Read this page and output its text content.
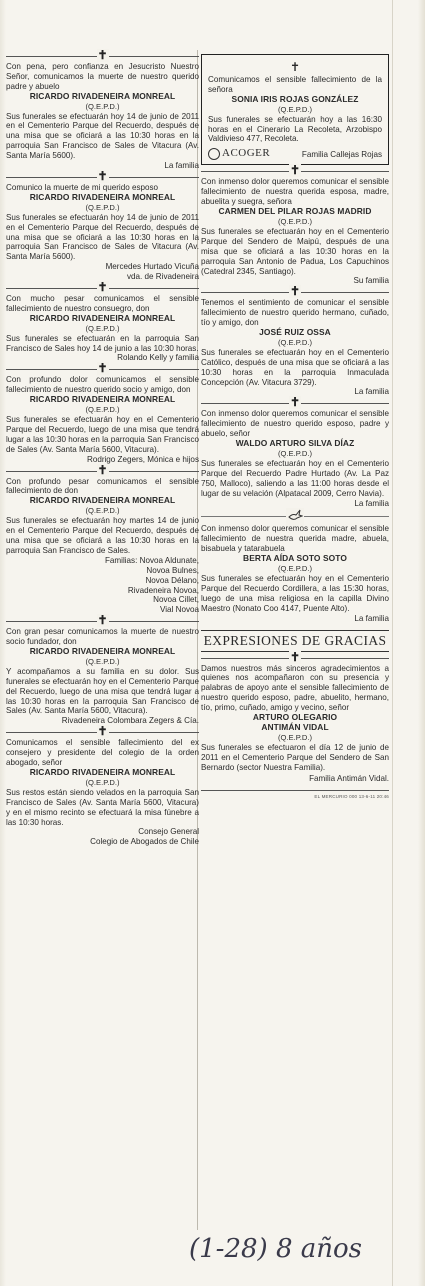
✝

Con pena, pero confianza en Jesucristo Nuestro Señor, comunicamos la muerte de nuestro querido padre y abuelo

RICARDO RIVADENEIRA MONREAL

(Q.E.P.D.)

Sus funerales se efectuarán hoy 14 de junio de 2011 en el Cementerio Parque del Recuerdo, después de una misa que se oficiará a las 10:30 horas en la parroquia San Francisco de Sales de Vitacura (Av. Santa María 5600).

La familia

✝

Comunico la muerte de mi querido esposo

RICARDO RIVADENEIRA MONREAL

(Q.E.P.D.)

Sus funerales se efectuarán hoy 14 de junio de 2011 en el Cementerio Parque del Recuerdo, después de una misa que se oficiará a las 10:30 horas en la parroquia San Francisco de Sales de Vitacura (Av. Santa María 5600).

Mercedes Hurtado Vicuña

vda. de Rivadeneira

✝

Con mucho pesar comunicamos el sensible fallecimiento de nuestro consuegro, don

RICARDO RIVADENEIRA MONREAL

(Q.E.P.D.)

Sus funerales se efectuarán en la parroquia San Francisco de Sales hoy 14 de junio a las 10:30 horas.

Rolando Kelly y familia

✝

Con profundo dolor comunicamos el sensible fallecimiento de nuestro querido socio y amigo, don

RICARDO RIVADENEIRA MONREAL

(Q.E.P.D.)

Sus funerales se efectuarán hoy en el Cementerio Parque del Recuerdo, luego de una misa que tendrá lugar a las 10:30 horas en la parroquia San Francisco de Sales (Av. Santa María 5600, Vitacura).

Rodrigo Zegers, Mónica e hijos

✝

Con profundo pesar comunicamos el sensible fallecimiento de don

RICARDO RIVADENEIRA MONREAL

(Q.E.P.D.)

Sus funerales se efectuarán hoy martes 14 de junio en el Cementerio Parque del Recuerdo, después de una misa que se oficiará a las 10:30 horas en la parroquia San Francisco de Sales.

Familias: Novoa Aldunate,

Novoa Bulnes,

Novoa Délano,

Rivadeneira Novoa,

Novoa Cillet,

Vial Novoa

✝

Con gran pesar comunicamos la muerte de nuestro socio fundador, don

RICARDO RIVADENEIRA MONREAL

(Q.E.P.D.)

Y acompañamos a su familia en su dolor. Sus funerales se efectuarán hoy en el Cementerio Parque del Recuerdo, luego de una misa que tendrá lugar a las 10:30 horas en la parroquia San Francisco de Sales (Av. Santa María 5600, Vitacura).

Rivadeneira Colombara Zegers & Cía.

✝

Comunicamos el sensible fallecimiento del ex consejero y presidente del colegio de la orden abogado, señor

RICARDO RIVADENEIRA MONREAL

(Q.E.P.D.)

Sus restos están siendo velados en la parroquia San Francisco de Sales (Av. Santa María 5600, Vitacura) y en el mismo recinto se efectuará la misa fúnebre a las 10:30 horas.

Consejo General

Colegio de Abogados de Chile

✝

Comunicamos el sensible fallecimiento de la señora

SONIA IRIS ROJAS GONZÁLEZ

(Q.E.P.D.)

Sus funerales se efectuarán hoy a las 16:30 horas en el Cinerario La Recoleta, Arzobispo Valdivieso 477, Recoleta.

ACOGER	Familia Callejas Rojas
✝

Con inmenso dolor queremos comunicar el sensible fallecimiento de nuestra querida esposa, madre, abuelita y suegra, señora

CARMEN DEL PILAR ROJAS MADRID

(Q.E.P.D.)

Sus funerales se efectuarán hoy en el Cementerio Parque del Sendero de Maipú, después de una misa que se oficiará a las 10:30 horas en la parroquia San Antonio de Padua, Los Capuchinos (Catedral 2345, Santiago).

Su familia

✝

Tenemos el sentimiento de comunicar el sensible fallecimiento de nuestro querido hermano, cuñado, tío y amigo, don

JOSÉ RUIZ OSSA

(Q.E.P.D.)

Sus funerales se efectuarán hoy en el Cementerio Católico, después de una misa que se oficiará a las 10:30 horas en la parroquia Inmaculada Concepción (Av. Vitacura 3729).

La familia

✝

Con inmenso dolor queremos comunicar el sensible fallecimiento de nuestro querido esposo, padre y abuelo, señor

WALDO ARTURO SILVA DÍAZ

(Q.E.P.D.)

Sus funerales se efectuarán hoy en el Cementerio Parque del Recuerdo Padre Hurtado (Av. La Paz 750, Malloco), saliendo a las 11:00 horas desde el lugar de su velación (Alpatacal 2009, Cerro Navia).

La familia

Con inmenso dolor queremos comunicar el sensible fallecimiento de nuestra querida madre, abuela, bisabuela y tatarabuela

BERTA AÍDA SOTO SOTO

(Q.E.P.D.)

Sus funerales se efectuarán hoy en el Cementerio Parque del Recuerdo Cordillera, a las 15:30 horas, luego de una misa religiosa en la capilla Divino Maestro (Nonato Coo 4147, Puente Alto).

La familia

EXPRESIONES DE GRACIAS
✝

Damos nuestros más sinceros agradecimientos a quienes nos acompañaron con su presencia y palabras de apoyo ante el sensible fallecimiento de nuestro querido esposo, padre, abuelito, hermano, tío, primo, cuñado, amigo y vecino, señor

ARTURO OLEGARIO

ANTIMÁN VIDAL

(Q.E.P.D.)

Sus funerales se efectuaron el día 12 de junio de 2011 en el Cementerio Parque del Sendero de San Bernardo (sector Nuestra Familia).

Familia Antimán Vidal.

EL MERCURIO 000 13-6-11 20:46
(1-28) 8 años
